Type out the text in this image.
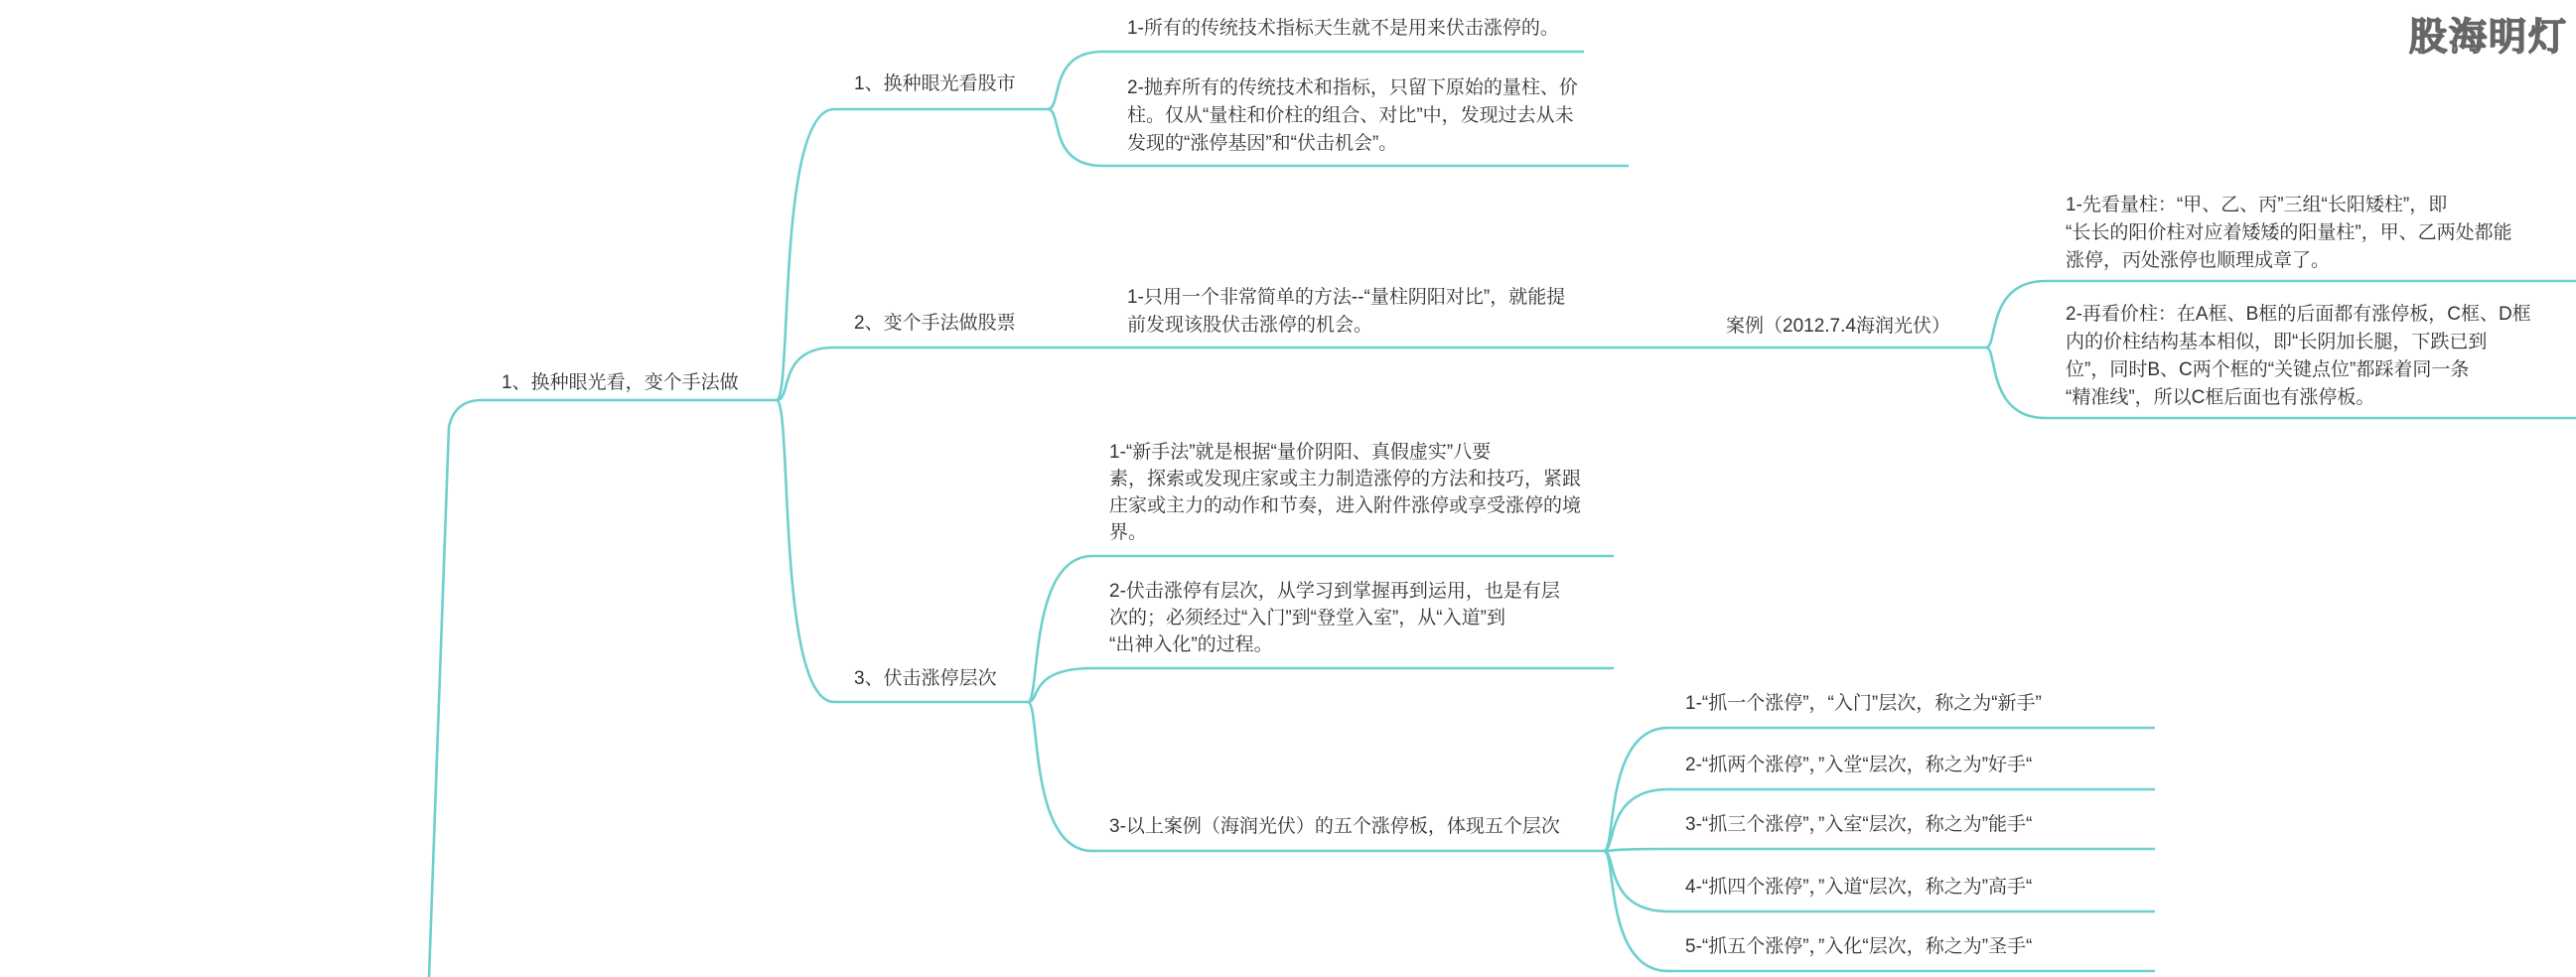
1、换种眼光看，变个手法做
1、换种眼光看股市
2、变个手法做股票
3、伏击涨停层次
1-所有的传统技术指标天生就不是用来伏击涨停的。
2-抛弃所有的传统技术和指标，只留下原始的量柱、价 柱。仅从“量柱和价柱的组合、对比”中，发现过去从未 发现的“涨停基因”和“伏击机会”。
1-只用一个非常简单的方法--“量柱阴阳对比”，就能提 前发现该股伏击涨停的机会。	案例（2012.7.4海润光伏）
1-先看量柱：“甲、乙、丙”三组“长阳矮柱”，即 “长长的阳价柱对应着矮矮的阳量柱”，甲、乙两处都能 涨停，丙处涨停也顺理成章了。
2-再看价柱：在A框、B框的后面都有涨停板，C框、D框 内的价柱结构基本相似，即“长阴加长腿，下跌已到 位”，同时B、C两个框的“关键点位”都踩着同一条 “精准线”，所以C框后面也有涨停板。
1-“新手法”就是根据“量价阴阳、真假虚实”八要 素，探索或发现庄家或主力制造涨停的方法和技巧，紧跟 庄家或主力的动作和节奏，进入附件涨停或享受涨停的境 界。
2-伏击涨停有层次，从学习到掌握再到运用，也是有层 次的；必须经过“入门”到“登堂入室”，从“入道”到 “出神入化”的过程。
3-以上案例（海润光伏）的五个涨停板，体现五个层次
1-“抓一个涨停”，“入门”层次，称之为“新手”
2-“抓两个涨停”，”入堂“层次，称之为”好手“
3-“抓三个涨停”，”入室“层次，称之为”能手“
4-“抓四个涨停”，”入道“层次，称之为”高手“
5-“抓五个涨停”，”入化“层次，称之为”圣手“
股海明灯
